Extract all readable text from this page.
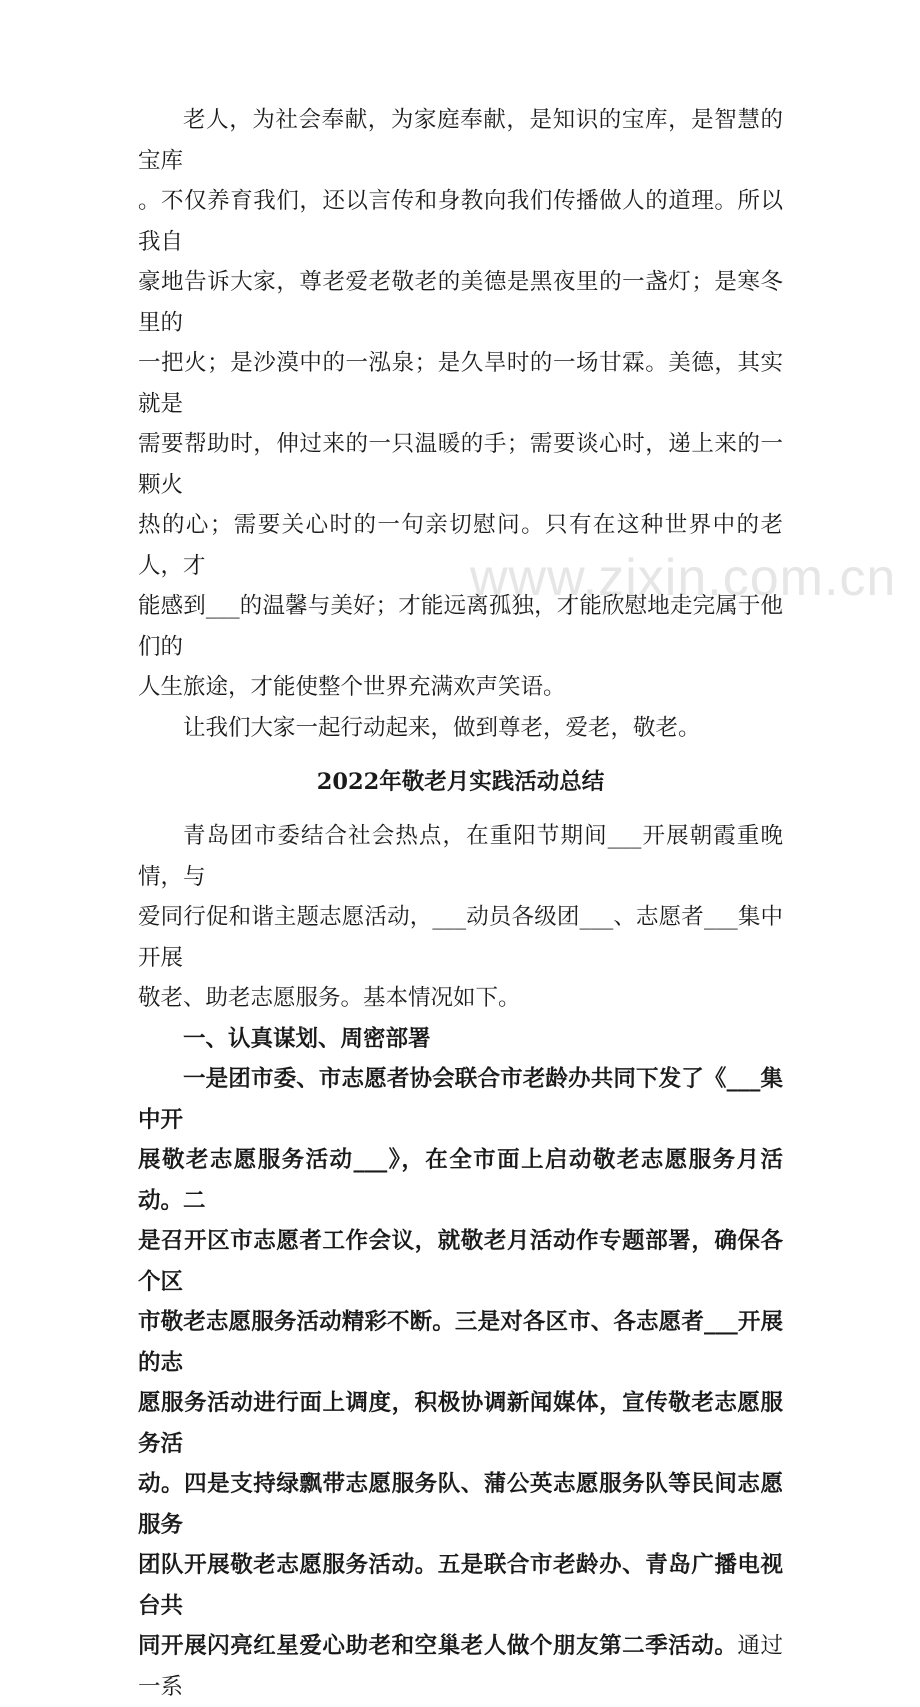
www.zixin.com.cn

老人，为社会奉献，为家庭奉献，是知识的宝库，是智慧的宝库
。不仅养育我们，还以言传和身教向我们传播做人的道理。所以我自
豪地告诉大家，尊老爱老敬老的美德是黑夜里的一盏灯；是寒冬里的
一把火；是沙漠中的一泓泉；是久旱时的一场甘霖。美德，其实就是
需要帮助时，伸过来的一只温暖的手；需要谈心时，递上来的一颗火
热的心；需要关心时的一句亲切慰问。只有在这种世界中的老人，才
能感到___的温馨与美好；才能远离孤独，才能欣慰地走完属于他们的
人生旅途，才能使整个世界充满欢声笑语。

让我们大家一起行动起来，做到尊老，爱老，敬老。

2022年敬老月实践活动总结

青岛团市委结合社会热点，在重阳节期间___开展朝霞重晚情，与
爱同行促和谐主题志愿活动，___动员各级团___、志愿者___集中开展
敬老、助老志愿服务。基本情况如下。

一、认真谋划、周密部署

一是团市委、市志愿者协会联合市老龄办共同下发了《___集中开
展敬老志愿服务活动___》，在全市面上启动敬老志愿服务月活动。二
是召开区市志愿者工作会议，就敬老月活动作专题部署，确保各个区
市敬老志愿服务活动精彩不断。三是对各区市、各志愿者___开展的志
愿服务活动进行面上调度，积极协调新闻媒体，宣传敬老志愿服务活
动。四是支持绿飘带志愿服务队、蒲公英志愿服务队等民间志愿服务
团队开展敬老志愿服务活动。五是联合市老龄办、青岛广播电视台共
同开展闪亮红星爱心助老和空巢老人做个朋友第二季活动。通过一系
